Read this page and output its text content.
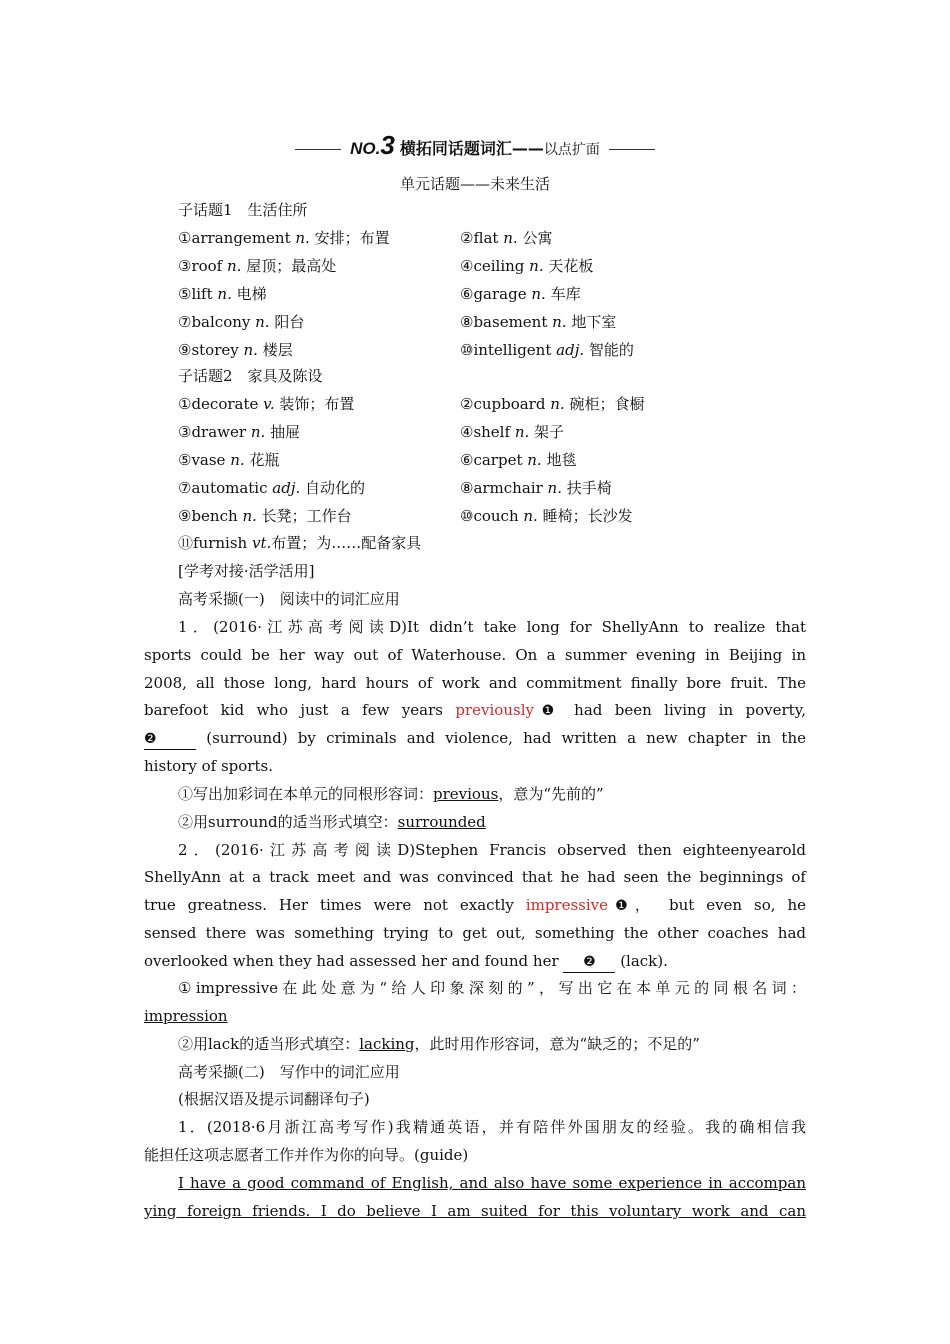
NO.3 横拓同话题词汇——以点扩面
单元话题——未来生活
子话题1　生活住所
①arrangement n. 安排；布置	②flat n. 公寓
③roof n. 屋顶；最高处	④ceiling n. 天花板
⑤lift n. 电梯	⑥garage n. 车库
⑦balcony n. 阳台	⑧basement n. 地下室
⑨storey n. 楼层	⑩intelligent adj. 智能的
子话题2　家具及陈设
①decorate v. 装饰；布置	②cupboard n. 碗柜；食橱
③drawer n. 抽屉	④shelf n. 架子
⑤vase n. 花瓶	⑥carpet n. 地毯
⑦automatic adj. 自动化的	⑧armchair n. 扶手椅
⑨bench n. 长凳；工作台	⑩couch n. 睡椅；长沙发
⑪furnish vt.布置；为……配备家具
[学考对接·活学活用]
高考采撷(一)　阅读中的词汇应用
1．(2016·江苏高考阅读D)It didn’t take long for ShellyAnn to realize that
sports could be her way out of Waterhouse. On a summer evening in Beijing in
2008, all those long, hard hours of work and commitment finally bore fruit. The
barefoot kid who just a few years previously❶ had been living in poverty,
❷	(surround) by criminals and violence, had written a new chapter in the
history of sports.
①写出加彩词在本单元的同根形容词：previous，意为“先前的”
②用surround的适当形式填空：surrounded
2．(2016·江苏高考阅读D)Stephen Francis observed then eighteenyearold
ShellyAnn at a track meet and was convinced that he had seen the beginnings of
true greatness. Her times were not exactly impressive❶， but even so, he
sensed there was something trying to get out, something the other coaches had
overlooked when they had assessed her and found her ❷ (lack).
①impressive在此处意为“给人印象深刻的”，写出它在本单元的同根名词：
impression
②用lack的适当形式填空：lacking，此时用作形容词，意为“缺乏的；不足的”
高考采撷(二)　写作中的词汇应用
(根据汉语及提示词翻译句子)
1．(2018·6月浙江高考写作)我精通英语，并有陪伴外国朋友的经验。我的确相信我
能担任这项志愿者工作并作为你的向导。(guide)
I have a good command of English, and also have some experience in accompan
ying foreign friends. I do believe I am suited for this voluntary work and can
